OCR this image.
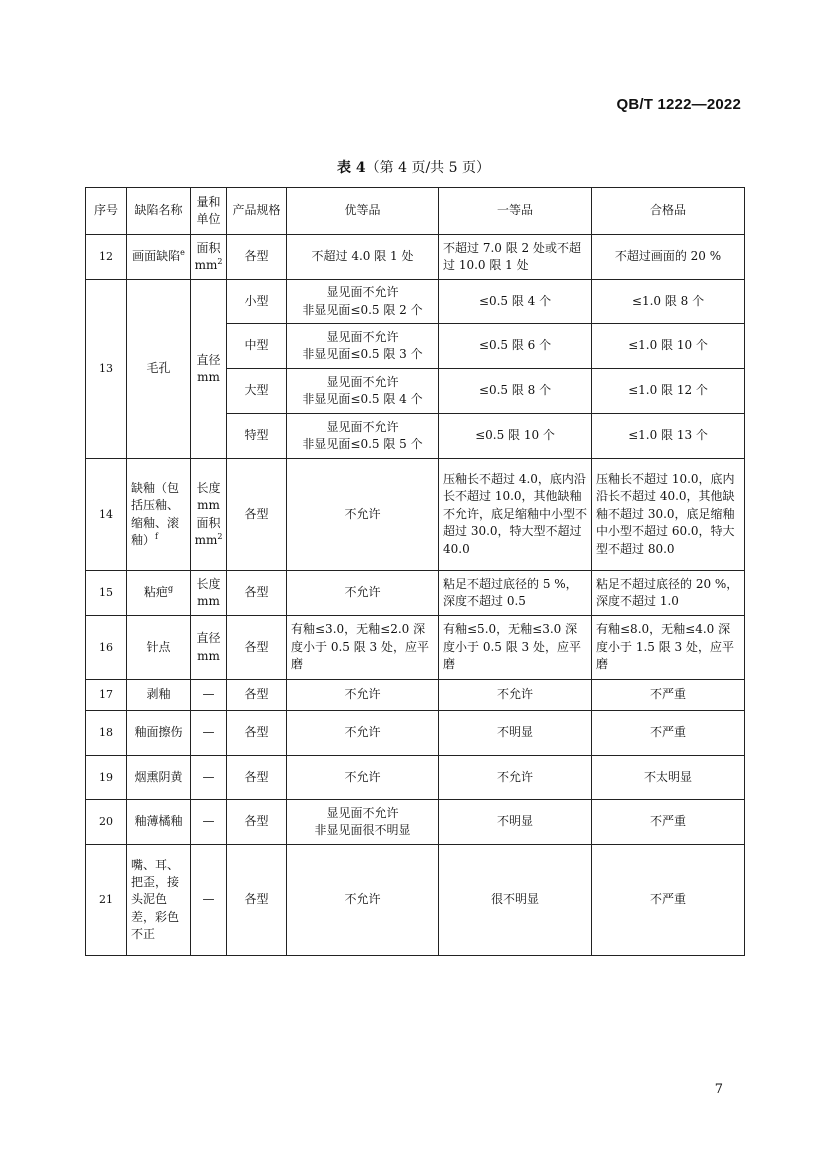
QB/T 1222—2022
表 4（第 4 页/共 5 页）
序号	缺陷名称	量和单位	产品规格	优等品	一等品	合格品
12	画面缺陷$^e$	面积 $mm^2$	各型	不超过 4.0 限 1 处	不超过 7.0 限 2 处或不超过 10.0 限 1 处	不超过画面的 20 %
13	毛孔	直径 mm	小型	显见面不允许
非显见面≤0.5 限 2 个	≤0.5 限 4 个	≤1.0 限 8 个
			中型	显见面不允许
非显见面≤0.5 限 3 个	≤0.5 限 6 个	≤1.0 限 10 个
			大型	显见面不允许
非显见面≤0.5 限 4 个	≤0.5 限 8 个	≤1.0 限 12 个
			特型	显见面不允许
非显见面≤0.5 限 5 个	≤0.5 限 10 个	≤1.0 限 13 个
14	缺釉（包括压釉、缩釉、滚釉）$^f$	长度 mm 面积 $mm^2$	各型	不允许	压釉长不超过 4.0，底内沿长不超过 10.0，其他缺釉不允许，底足缩釉中小型不超过 30.0，特大型不超过 40.0	压釉长不超过 10.0，底内沿长不超过 40.0，其他缺釉不超过 30.0，底足缩釉中小型不超过 60.0，特大型不超过 80.0
15	粘疤$^g$	长度 mm	各型	不允许	粘足不超过底径的 5 %，深度不超过 0.5	粘足不超过底径的 20 %，深度不超过 1.0
16	针点	直径 mm	各型	有釉≤3.0，无釉≤2.0 深度小于 0.5 限 3 处，应平磨	有釉≤5.0，无釉≤3.0 深度小于 0.5 限 3 处，应平磨	有釉≤8.0，无釉≤4.0 深度小于 1.5 限 3 处，应平磨
17	剥釉	—	各型	不允许	不允许	不严重
18	釉面擦伤	—	各型	不允许	不明显	不严重
19	烟熏阴黄	—	各型	不允许	不允许	不太明显
20	釉薄橘釉	—	各型	显见面不允许
非显见面很不明显	不明显	不严重
21	嘴、耳、把歪，接头泥色差，彩色不正	—	各型	不允许	很不明显	不严重
7
